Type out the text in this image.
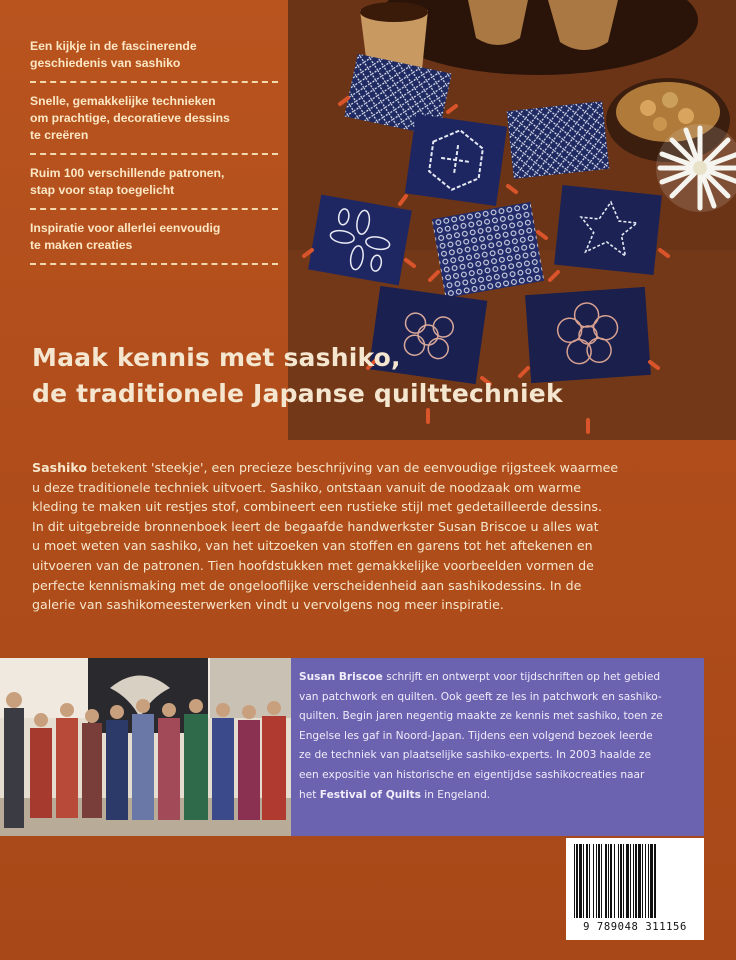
Een kijkje in de fascinerende
geschiedenis van sashiko
Snelle, gemakkelijke technieken
om prachtige, decoratieve dessins
te creëren
Ruim 100 verschillende patronen,
stap voor stap toegelicht
Inspiratie voor allerlei eenvoudig
te maken creaties
Maak kennis met sashiko,
de traditionele Japanse quilttechniek
Sashiko betekent 'steekje', een precieze beschrijving van de eenvoudige rijgsteek waarmee
u deze traditionele techniek uitvoert. Sashiko, ontstaan vanuit de noodzaak om warme
kleding te maken uit restjes stof, combineert een rustieke stijl met gedetailleerde dessins.
In dit uitgebreide bronnenboek leert de begaafde handwerkster Susan Briscoe u alles wat
u moet weten van sashiko, van het uitzoeken van stoffen en garens tot het aftekenen en
uitvoeren van de patronen. Tien hoofdstukken met gemakkelijke voorbeelden vormen de
perfecte kennismaking met de ongelooflijke verscheidenheid aan sashikodessins. In de
galerie van sashikomeesterwerken vindt u vervolgens nog meer inspiratie.
Susan Briscoe schrijft en ontwerpt voor tijdschriften op het gebied
van patchwork en quilten. Ook geeft ze les in patchwork en sashiko-
quilten. Begin jaren negentig maakte ze kennis met sashiko, toen ze
Engelse les gaf in Noord-Japan. Tijdens een volgend bezoek leerde
ze de techniek van plaatselijke sashiko-experts. In 2003 haalde ze
een expositie van historische en eigentijdse sashikocreaties naar
het Festival of Quilts in Engeland.
9 789048 311156
